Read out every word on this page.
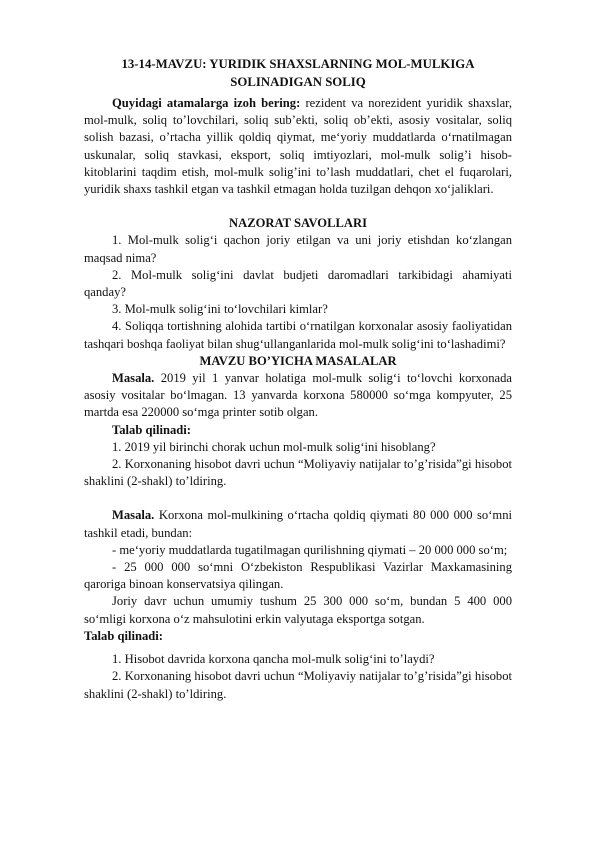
13-14-MAVZU: YURIDIK SHAXSLARNING MOL-MULKIGA
SOLINADIGAN SOLIQ

Quyidagi atamalarga izoh bering: rezident va norezident yuridik shaxslar, mol-mulk, soliq to’lovchilari, soliq sub’ekti, soliq ob’ekti, asosiy vositalar, soliq solish bazasi, o’rtacha yillik qoldiq qiymat, me‘yoriy muddatlarda o‘rnatilmagan uskunalar, soliq stavkasi, eksport, soliq imtiyozlari, mol-mulk solig’i hisob-kitoblarini taqdim etish, mol-mulk solig’ini to’lash muddatlari, chet el fuqarolari, yuridik shaxs tashkil etgan va tashkil etmagan holda tuzilgan dehqon xo‘jaliklari.

NAZORAT SAVOLLARI

1. Mol-mulk solig‘i qachon joriy etilgan va uni joriy etishdan ko‘zlangan maqsad nima?

2. Mol-mulk solig‘ini davlat budjeti daromadlari tarkibidagi ahamiyati qanday?

3. Mol-mulk solig‘ini to‘lovchilari kimlar?

4. Soliqqa tortishning alohida tartibi o‘rnatilgan korxonalar asosiy faoliyatidan tashqari boshqa faoliyat bilan shug‘ullanganlarida mol-mulk solig‘ini to‘lashadimi?

MAVZU BO’YICHA MASALALAR

Masala. 2019 yil 1 yanvar holatiga mol-mulk solig‘i to‘lovchi korxonada asosiy vositalar bo‘lmagan. 13 yanvarda korxona 580000 so‘mga kompyuter, 25 martda esa 220000 so‘mga printer sotib olgan.

Talab qilinadi:

1. 2019 yil birinchi chorak uchun mol-mulk solig‘ini hisoblang?

2. Korxonaning hisobot davri uchun “Moliyaviy natijalar to’g’risida”gi hisobot shaklini (2-shakl) to’ldiring.

Masala. Korxona mol-mulkining o‘rtacha qoldiq qiymati 80 000 000 so‘mni tashkil etadi, bundan:

- me‘yoriy muddatlarda tugatilmagan qurilishning qiymati – 20 000 000 so‘m;

- 25 000 000 so‘mni O‘zbekiston Respublikasi Vazirlar Maxkamasining qaroriga binoan konservatsiya qilingan.

Joriy davr uchun umumiy tushum 25 300 000 so‘m, bundan 5 400 000 so‘mligi korxona o‘z mahsulotini erkin valyutaga eksportga sotgan.

Talab qilinadi:

1. Hisobot davrida korxona qancha mol-mulk solig‘ini to’laydi?

2. Korxonaning hisobot davri uchun “Moliyaviy natijalar to’g’risida”gi hisobot shaklini (2-shakl) to’ldiring.
